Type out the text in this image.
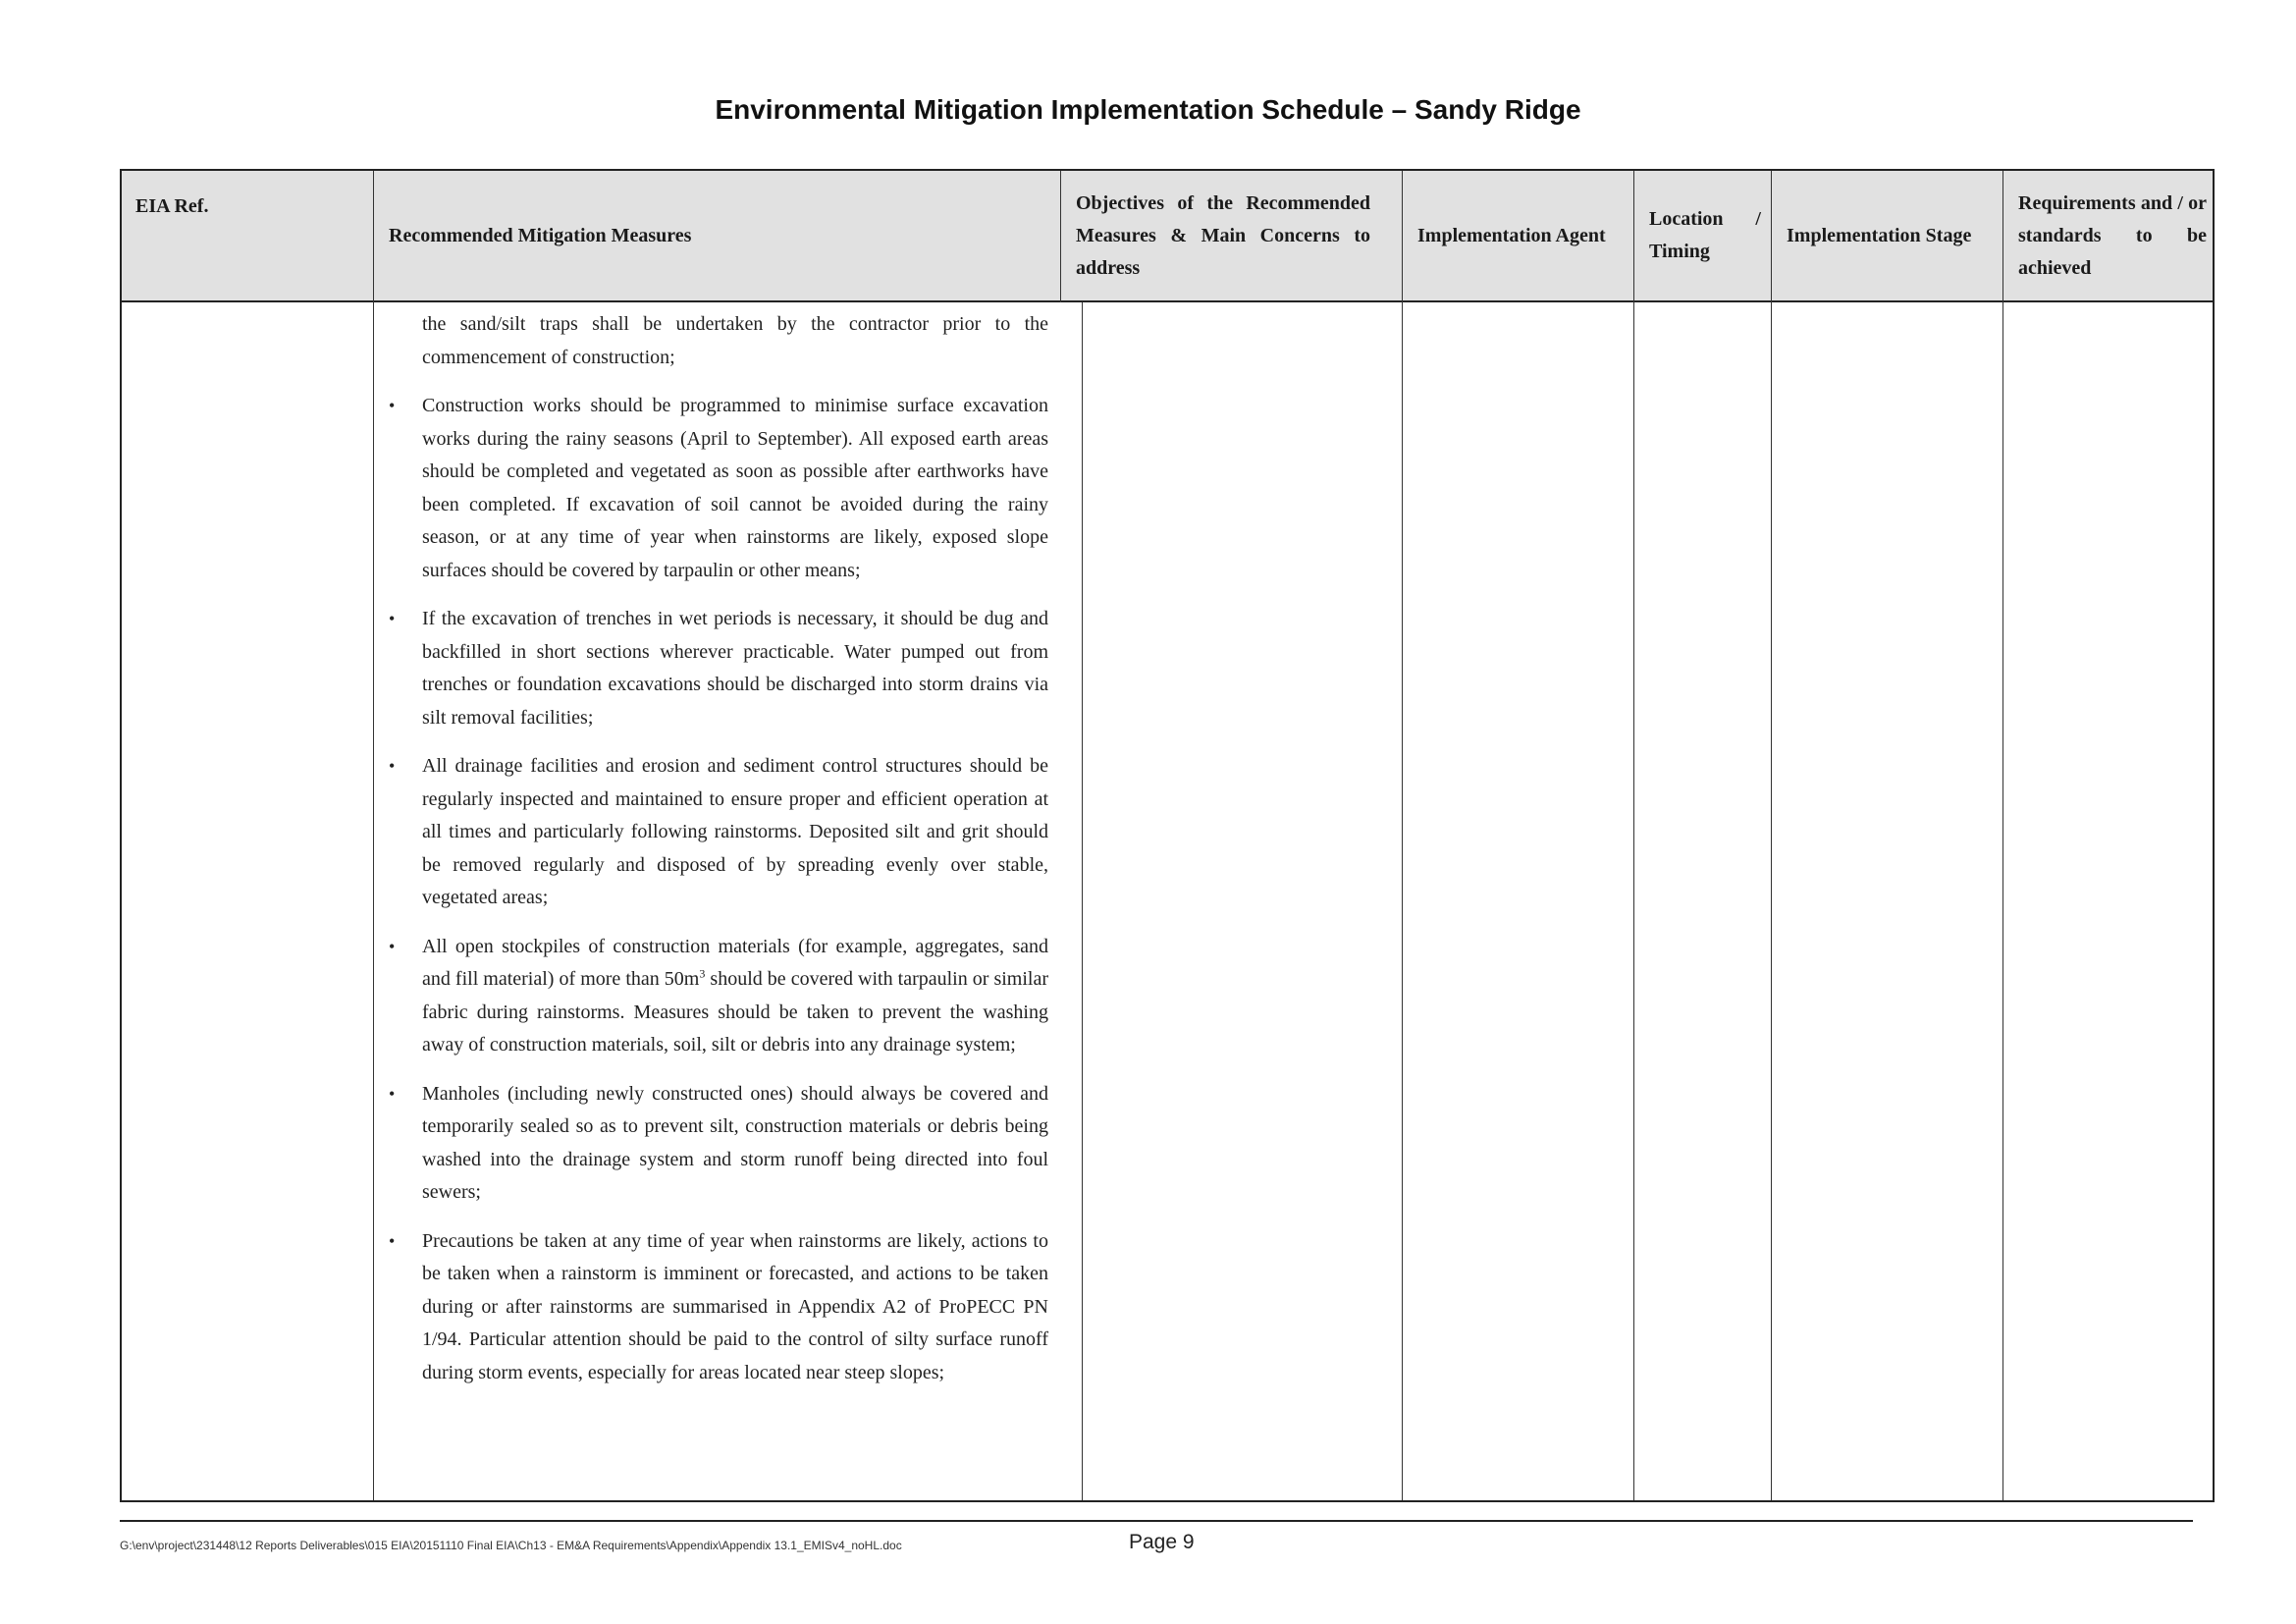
Environmental Mitigation Implementation Schedule – Sandy Ridge
EIA Ref.
Recommended Mitigation Measures
Objectives of the Recommended Measures & Main Concerns to address
Implementation Agent
Location / Timing
Implementation Stage
Requirements and / or standards to be achieved

the sand/silt traps shall be undertaken by the contractor prior to the commencement of construction;

• Construction works should be programmed to minimise surface excavation works during the rainy seasons (April to September). All exposed earth areas should be completed and vegetated as soon as possible after earthworks have been completed. If excavation of soil cannot be avoided during the rainy season, or at any time of year when rainstorms are likely, exposed slope surfaces should be covered by tarpaulin or other means;
• If the excavation of trenches in wet periods is necessary, it should be dug and backfilled in short sections wherever practicable. Water pumped out from trenches or foundation excavations should be discharged into storm drains via silt removal facilities;
• All drainage facilities and erosion and sediment control structures should be regularly inspected and maintained to ensure proper and efficient operation at all times and particularly following rainstorms. Deposited silt and grit should be removed regularly and disposed of by spreading evenly over stable, vegetated areas;
• All open stockpiles of construction materials (for example, aggregates, sand and fill material) of more than $50m^3$ should be covered with tarpaulin or similar fabric during rainstorms. Measures should be taken to prevent the washing away of construction materials, soil, silt or debris into any drainage system;
• Manholes (including newly constructed ones) should always be covered and temporarily sealed so as to prevent silt, construction materials or debris being washed into the drainage system and storm runoff being directed into foul sewers;
• Precautions be taken at any time of year when rainstorms are likely, actions to be taken when a rainstorm is imminent or forecasted, and actions to be taken during or after rainstorms are summarised in Appendix A2 of ProPECC PN 1/94. Particular attention should be paid to the control of silty surface runoff during storm events, especially for areas located near steep slopes;
G:\env\project\231448\12 Reports Deliverables\015 EIA\20151110 Final EIA\Ch13 - EM&A Requirements\Appendix\Appendix 13.1_EMISv4_noHL.doc	Page 9
